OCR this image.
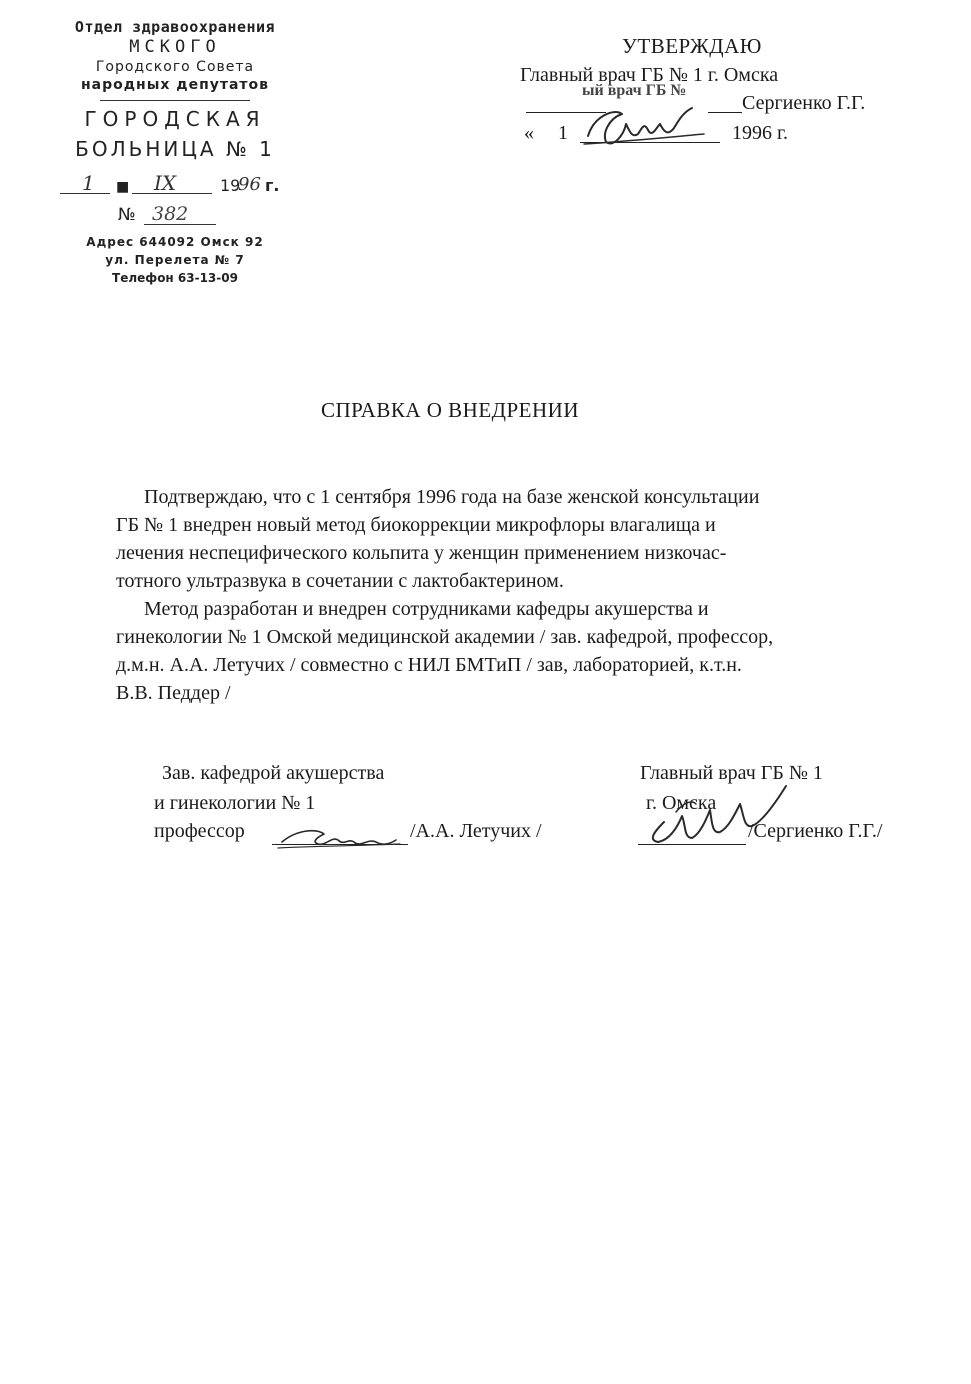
Отдел здравоохранения
МСКОГО
Городского Совета
народных депутатов
ГОРОДСКАЯ
БОЛЬНИЦА № 1
1 ■ IX	19
96 г.
№ 382
Адрес 644092 Омск 92
ул. Перелета № 7
Телефон 63-13-09
УТВЕРЖДАЮ
Главный врач ГБ № 1 г. Омска
ый врач ГБ №
Сергиенко Г.Г.
« 1	1996 г.
СПРАВКА О ВНЕДРЕНИИ

Подтверждаю, что с 1 сентября 1996 года на базе женской консультации

ГБ № 1 внедрен новый метод биокоррекции микрофлоры влагалища и

лечения неспецифического кольпита у женщин применением низкочас-

тотного ультразвука в сочетании с лактобактерином.

Метод разработан и внедрен сотрудниками кафедры акушерства и

гинекологии № 1 Омской медицинской академии / зав. кафедрой, профессор,

д.м.н. А.А. Летучих / совместно с НИЛ БМТиП / зав, лабораторией, к.т.н.

В.В. Педдер /

Зав. кафедрой акушерства
и гинекологии № 1
профессор	/А.А. Летучих /
Главный врач ГБ № 1
г. Омска
/Сергиенко Г.Г./
